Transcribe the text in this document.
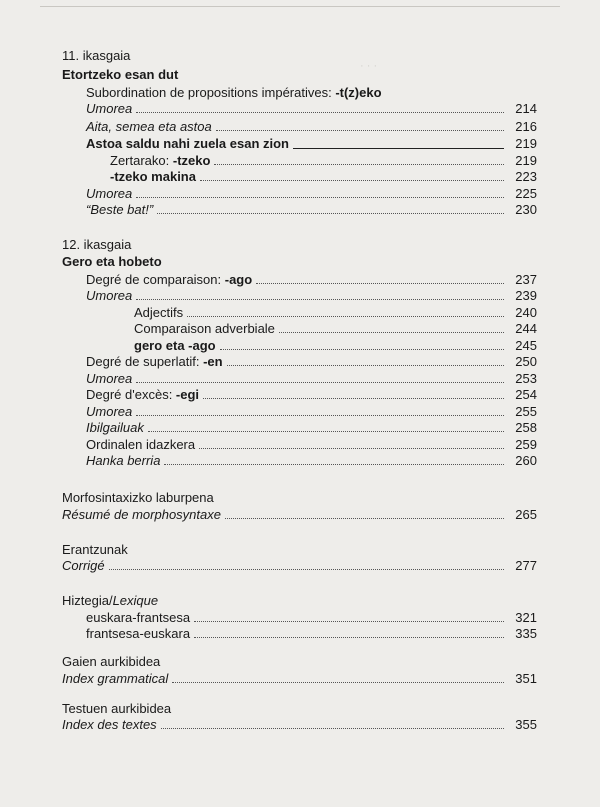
· · ·
11. ikasgaia
Etortzeko esan dut
Subordination de propositions impératives: -t(z)eko
Umorea	214
Aita, semea eta astoa	216
Astoa saldu nahi zuela esan zion	219
Zertarako: -tzeko	219
-tzeko makina	223
Umorea	225
“Beste bat!”	230
12. ikasgaia
Gero eta hobeto
Degré de comparaison: -ago	237
Umorea	239
Adjectifs	240
Comparaison adverbiale	244
gero eta -ago	245
Degré de superlatif: -en	250
Umorea	253
Degré d'excès: -egi	254
Umorea	255
Ibilgailuak	258
Ordinalen idazkera	259
Hanka berria	260
Morfosintaxizko laburpena
Résumé de morphosyntaxe	265
Erantzunak
Corrigé	277
Hiztegia/Lexique
euskara-frantsesa	321
frantsesa-euskara	335
Gaien aurkibidea
Index grammatical	351
Testuen aurkibidea
Index des textes	355
